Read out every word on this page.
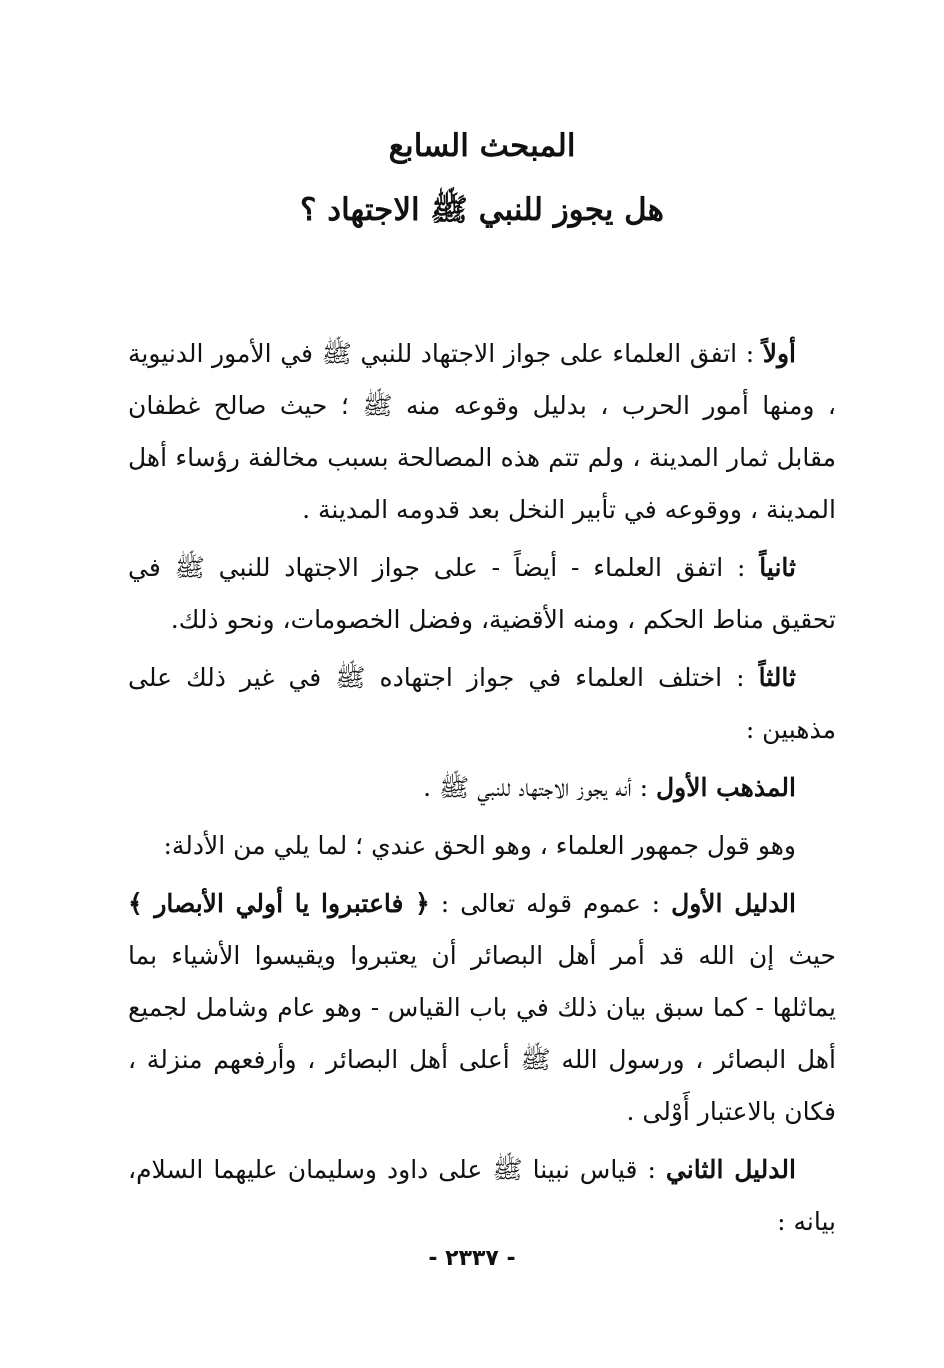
المبحث السابع
هل يجوز للنبي ﷺ الاجتهاد ؟

أولاً : اتفق العلماء على جواز الاجتهاد للنبي ﷺ في الأمور الدنيوية ، ومنها أمور الحرب ، بدليل وقوعه منه ﷺ ؛ حيث صالح غطفان مقابل ثمار المدينة ، ولم تتم هذه المصالحة بسبب مخالفة رؤساء أهل المدينة ، ووقوعه في تأبير النخل بعد قدومه المدينة .

ثانياً : اتفق العلماء - أيضاً - على جواز الاجتهاد للنبي ﷺ في تحقيق مناط الحكم ، ومنه الأقضية، وفضل الخصومات، ونحو ذلك.

ثالثاً : اختلف العلماء في جواز اجتهاده ﷺ في غير ذلك على مذهبين :

المذهب الأول : أنه يجوز الاجتهاد للنبي ﷺ .

وهو قول جمهور العلماء ، وهو الحق عندي ؛ لما يلي من الأدلة:

الدليل الأول : عموم قوله تعالى : ﴿ فاعتبروا يا أولي الأبصار ﴾ حيث إن الله قد أمر أهل البصائر أن يعتبروا ويقيسوا الأشياء بما يماثلها - كما سبق بيان ذلك في باب القياس - وهو عام وشامل لجميع أهل البصائر ، ورسول الله ﷺ أعلى أهل البصائر ، وأرفعهم منزلة ، فكان بالاعتبار أَوْلى .

الدليل الثاني : قياس نبينا ﷺ على داود وسليمان عليهما السلام، بيانه :

- ٢٣٣٧ -
